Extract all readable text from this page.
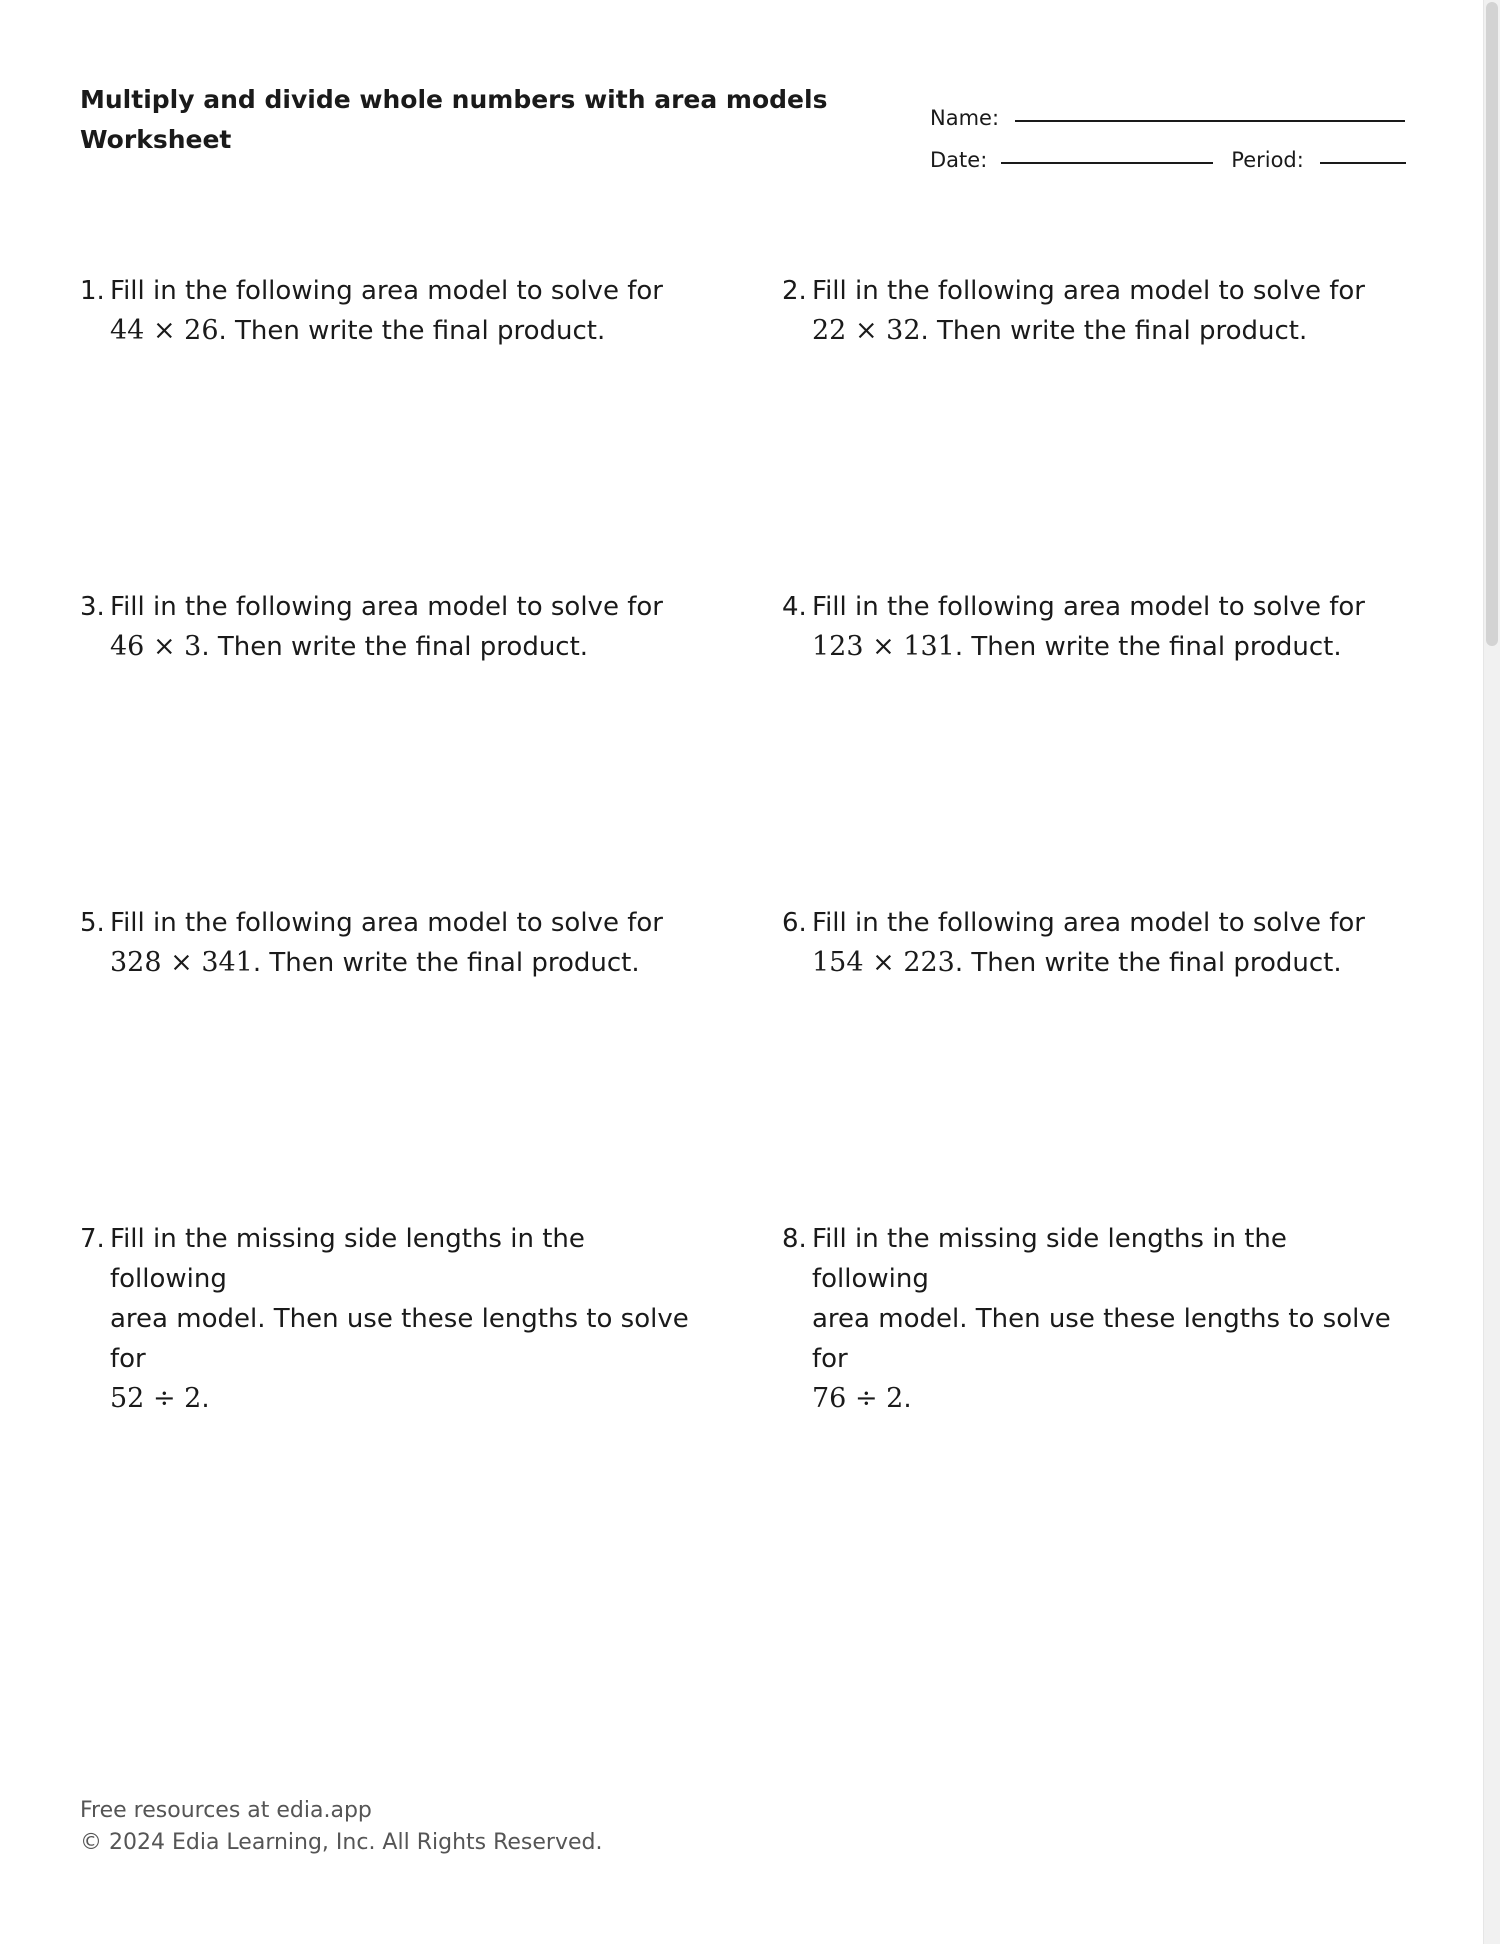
Multiply and divide whole numbers with area models
Worksheet
Name:
Date:	Period:
1. Fill in the following area model to solve for
44 × 26. Then write the final product.
2. Fill in the following area model to solve for
22 × 32. Then write the final product.
3. Fill in the following area model to solve for
46 × 3. Then write the final product.
4. Fill in the following area model to solve for
123 × 131. Then write the final product.
5. Fill in the following area model to solve for
328 × 341. Then write the final product.
6. Fill in the following area model to solve for
154 × 223. Then write the final product.
7. Fill in the missing side lengths in the following
area model. Then use these lengths to solve for
52 ÷ 2.
8. Fill in the missing side lengths in the following
area model. Then use these lengths to solve for
76 ÷ 2.
Free resources at edia.app
© 2024 Edia Learning, Inc. All Rights Reserved.
